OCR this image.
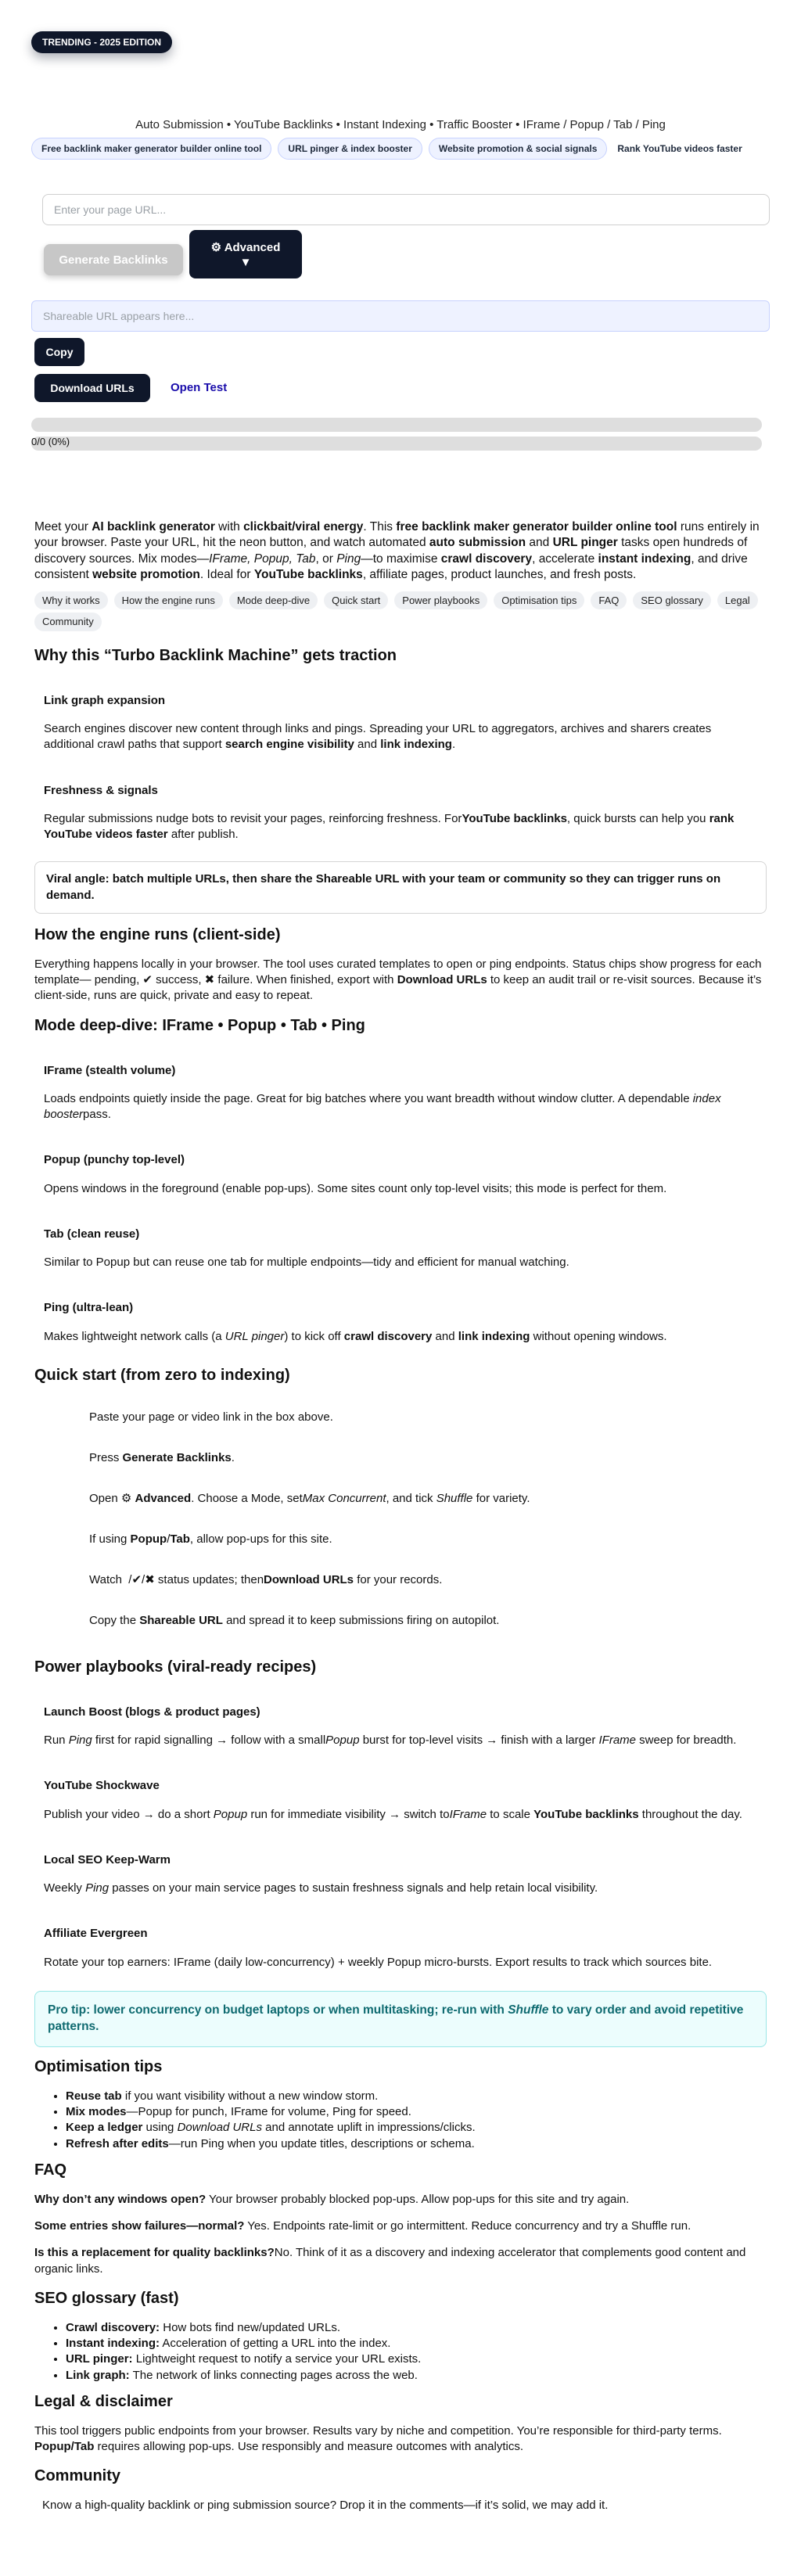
TRENDING - 2025 EDITION
Auto Submission • YouTube Backlinks • Instant Indexing • Traffic Booster • IFrame / Popup / Tab / Ping
Free backlink maker generator builder online tool	URL pinger & index booster	Website promotion & social signals	Rank YouTube videos faster
Enter your page URL...
Generate Backlinks
⚙ Advanced
▼
Shareable URL appears here...
Copy
Download URLs	Open Test
0/0 (0%)

Meet your AI backlink generator with clickbait/viral energy. This free backlink maker generator builder online tool runs entirely in your browser. Paste your URL, hit the neon button, and watch automated auto submission and URL pinger tasks open hundreds of discovery sources. Mix modes—IFrame, Popup, Tab, or Ping—to maximise crawl discovery, accelerate instant indexing, and drive consistent website promotion. Ideal for YouTube backlinks, affiliate pages, product launches, and fresh posts.

Why it works	How the engine runs	Mode deep-dive	Quick start	Power playbooks	Optimisation tips	FAQ	SEO glossary	Legal
Community
Why this “Turbo Backlink Machine” gets traction
Link graph expansion

Search engines discover new content through links and pings. Spreading your URL to aggregators, archives and sharers creates additional crawl paths that support search engine visibility and link indexing.

Freshness & signals

Regular submissions nudge bots to revisit your pages, reinforcing freshness. ForYouTube backlinks, quick bursts can help you rank YouTube videos faster after publish.

Viral angle: batch multiple URLs, then share the Shareable URL with your team or community so they can trigger runs on demand.
How the engine runs (client-side)

Everything happens locally in your browser. The tool uses curated templates to open or ping endpoints. Status chips show progress for each template— pending, ✔ success, ✖ failure. When finished, export with Download URLs to keep an audit trail or re-visit sources. Because it’s client-side, runs are quick, private and easy to repeat.

Mode deep-dive: IFrame • Popup • Tab • Ping
IFrame (stealth volume)

Loads endpoints quietly inside the page. Great for big batches where you want breadth without window clutter. A dependable index boosterpass.

Popup (punchy top-level)

Opens windows in the foreground (enable pop-ups). Some sites count only top-level visits; this mode is perfect for them.

Tab (clean reuse)

Similar to Popup but can reuse one tab for multiple endpoints—tidy and efficient for manual watching.

Ping (ultra-lean)

Makes lightweight network calls (a URL pinger) to kick off crawl discovery and link indexing without opening windows.

Quick start (from zero to indexing)
Paste your page or video link in the box above.
Press Generate Backlinks.
Open ⚙ Advanced. Choose a Mode, setMax Concurrent, and tick Shuffle for variety.
If using Popup/Tab, allow pop-ups for this site.
Watch  /✔/✖ status updates; thenDownload URLs for your records.
Copy the Shareable URL and spread it to keep submissions firing on autopilot.
Power playbooks (viral-ready recipes)
Launch Boost (blogs & product pages)

Run Ping first for rapid signalling → follow with a smallPopup burst for top-level visits → finish with a larger IFrame sweep for breadth.

YouTube Shockwave

Publish your video → do a short Popup run for immediate visibility → switch toIFrame to scale YouTube backlinks throughout the day.

Local SEO Keep-Warm

Weekly Ping passes on your main service pages to sustain freshness signals and help retain local visibility.

Affiliate Evergreen

Rotate your top earners: IFrame (daily low-concurrency) + weekly Popup micro-bursts. Export results to track which sources bite.

Pro tip: lower concurrency on budget laptops or when multitasking; re-run with Shuffle to vary order and avoid repetitive patterns.
Optimisation tips
• Reuse tab if you want visibility without a new window storm.
• Mix modes—Popup for punch, IFrame for volume, Ping for speed.
• Keep a ledger using Download URLs and annotate uplift in impressions/clicks.
• Refresh after edits—run Ping when you update titles, descriptions or schema.
FAQ

Why don’t any windows open? Your browser probably blocked pop-ups. Allow pop-ups for this site and try again.

Some entries show failures—normal? Yes. Endpoints rate-limit or go intermittent. Reduce concurrency and try a Shuffle run.

Is this a replacement for quality backlinks?No. Think of it as a discovery and indexing accelerator that complements good content and organic links.

SEO glossary (fast)
• Crawl discovery: How bots find new/updated URLs.
• Instant indexing: Acceleration of getting a URL into the index.
• URL pinger: Lightweight request to notify a service your URL exists.
• Link graph: The network of links connecting pages across the web.
Legal & disclaimer

This tool triggers public endpoints from your browser. Results vary by niche and competition. You’re responsible for third-party terms. Popup/Tab requires allowing pop-ups. Use responsibly and measure outcomes with analytics.

Community

Know a high-quality backlink or ping submission source? Drop it in the comments—if it’s solid, we may add it.
